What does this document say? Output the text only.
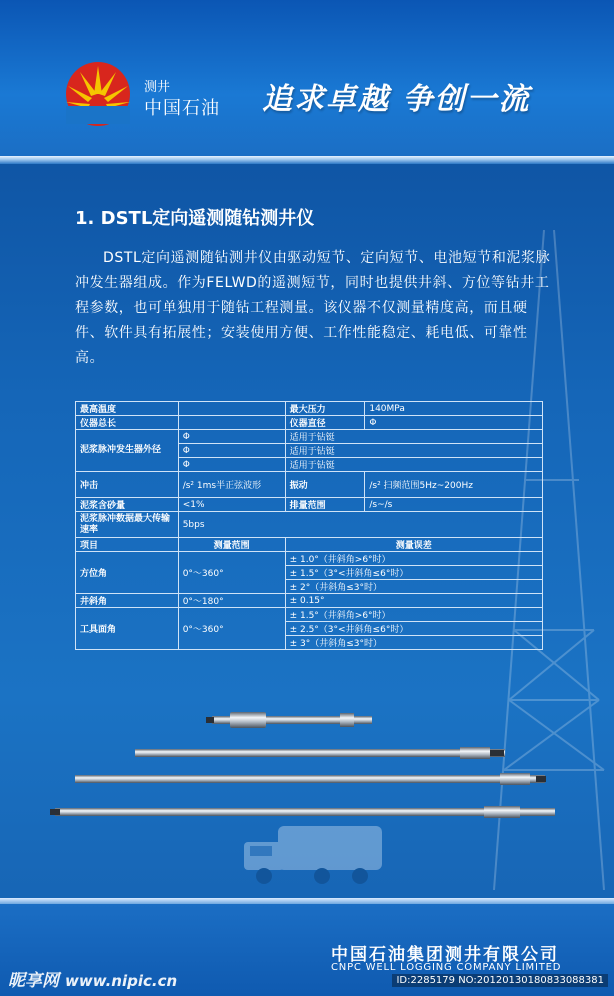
测井
中国石油 追求卓越 争创一流
1. DSTL定向遥测随钻测井仪
DSTL定向遥测随钻测井仪由驱动短节、定向短节、电池短节和泥浆脉冲发生器组成。作为FELWD的遥测短节，同时也提供井斜、方位等钻井工程参数，也可单独用于随钻工程测量。该仪器不仅测量精度高，而且硬件、软件具有拓展性；安装使用方便、工作性能稳定、耗电低、可靠性高。
最高温度		最大压力	140MPa
仪器总长		仪器直径	Φ
泥浆脉冲发生器外径	Φ	适用于钻铤	
	Φ	适用于钻铤	
	Φ	适用于钻铤	
冲击	/s² 1ms半正弦波形	振动	/s² 扫频范围5Hz~200Hz
泥浆含砂量	<1%	排量范围	/s~/s
泥浆脉冲数据最大传输速率	5bps		
项目	测量范围	测量误差	
方位角	0°～360°	± 1.0°（井斜角>6°时）	
		± 1.5°（3°<井斜角≤6°时）	
		± 2°（井斜角≤3°时）	
井斜角	0°～180°	± 0.15°	
工具面角	0°～360°	± 1.5°（井斜角>6°时）	
		± 2.5°（3°<井斜角≤6°时）	
		± 3°（井斜角≤3°时）	
中国石油集团测井有限公司
CNPC WELL LOGGING COMPANY LIMITED
昵享网 www.nipic.cn	ID:2285179 NO:20120130180833088381
